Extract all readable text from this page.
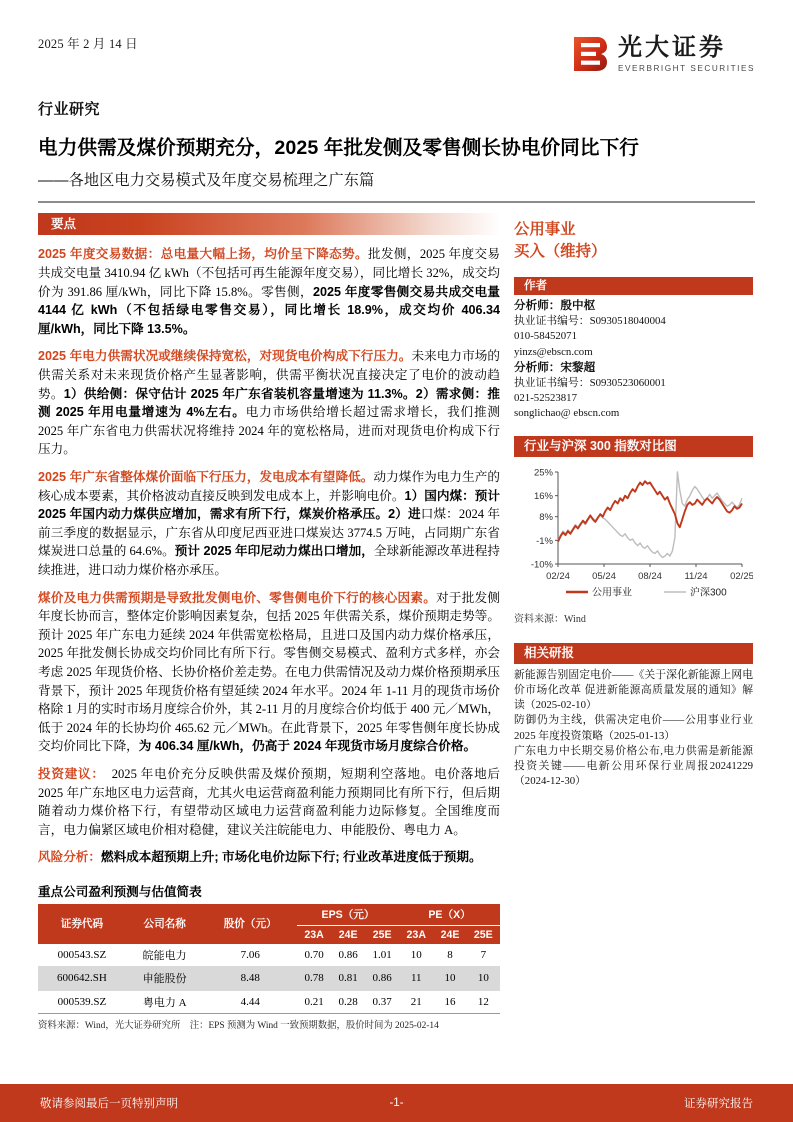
2025 年 2 月 14 日	光大证券
EVERBRIGHT SECURITIES
行业研究
电力供需及煤价预期充分，2025 年批发侧及零售侧长协电价同比下行
——各地区电力交易模式及年度交易梳理之广东篇
要点
2025 年度交易数据：总电量大幅上扬，均价呈下降态势。批发侧，2025 年度交易共成交电量 3410.94 亿 kWh（不包括可再生能源年度交易），同比增长 32%，成交均价为 391.86 厘/kWh，同比下降 15.8%。零售侧，2025 年度零售侧交易共成交电量 4144 亿 kWh（不包括绿电零售交易），同比增长 18.9%，成交均价 406.34 厘/kWh，同比下降 13.5%。
2025 年电力供需状况或继续保持宽松，对现货电价构成下行压力。未来电力市场的供需关系对未来现货价格产生显著影响，供需平衡状况直接决定了电价的波动趋势。1）供给侧：保守估计 2025 年广东省装机容量增速为 11.3%。2）需求侧：推测 2025 年用电量增速为 4%左右。电力市场供给增长超过需求增长，我们推测 2025 年广东省电力供需状况将维持 2024 年的宽松格局，进而对现货电价构成下行压力。
2025 年广东省整体煤价面临下行压力，发电成本有望降低。动力煤作为电力生产的核心成本要素，其价格波动直接反映到发电成本上，并影响电价。1）国内煤：预计 2025 年国内动力煤供应增加，需求有所下行，煤炭价格承压。2）进口煤：2024 年前三季度的数据显示，广东省从印度尼西亚进口煤炭达 3774.5 万吨，占同期广东省煤炭进口总量的 64.6%。预计 2025 年印尼动力煤出口增加，全球新能源改革进程持续推进，进口动力煤价格亦承压。
煤价及电力供需预期是导致批发侧电价、零售侧电价下行的核心因素。对于批发侧年度长协而言，整体定价影响因素复杂，包括 2025 年供需关系，煤价预期走势等。预计 2025 年广东电力延续 2024 年供需宽松格局，且进口及国内动力煤价格承压，2025 年批发侧长协成交均价同比有所下行。零售侧交易模式、盈利方式多样，亦会考虑 2025 年现货价格、长协价格价差走势。在电力供需情况及动力煤价格预期承压背景下，预计 2025 年现货价格有望延续 2024 年水平。2024 年 1-11 月的现货市场价格除 1 月的实时市场月度综合价外，其 2-11 月的月度综合价均低于 400 元／MWh，低于 2024 年的长协均价 465.62 元／MWh。在此背景下，2025 年零售侧年度长协成交均价同比下降，为 406.34 厘/kWh，仍高于 2024 年现货市场月度综合价格。
投资建议：　2025 年电价充分反映供需及煤价预期，短期利空落地。电价落地后 2025 年广东地区电力运营商，尤其火电运营商盈利能力预期同比有所下行，但后期随着动力煤价格下行，有望带动区域电力运营商盈利能力边际修复。全国维度而言，电力偏紧区域电价相对稳健，建议关注皖能电力、申能股份、粤电力 A。
风险分析：燃料成本超预期上升; 市场化电价边际下行; 行业改革进度低于预期。
重点公司盈利预测与估值简表
证券代码	公司名称	股价（元）	EPS（元）			PE（X）		
			23A	24E	25E	23A	24E	25E
000543.SZ	皖能电力	7.06	0.70	0.86	1.01	10	8	7
600642.SH	申能股份	8.48	0.78	0.81	0.86	11	10	10
000539.SZ	粤电力 A	4.44	0.21	0.28	0.37	21	16	12
资料来源：Wind，光大证券研究所　注：EPS 预测为 Wind 一致预期数据，股价时间为 2025-02-14
公用事业
买入（维持）
作者
分析师：殷中枢
执业证书编号：S0930518040004
010-58452071
yinzs@ebscn.com
分析师：宋黎超
执业证书编号：S0930523060001
021-52523817
songlichao@ ebscn.com
行业与沪深 300 指数对比图
25%
16%
8%
-1%
-10%
02/24 05/24 08/24 11/24 02/25
公用事业	沪深300
资料来源：Wind
相关研报
新能源告别固定电价——《关于深化新能源上网电价市场化改革 促进新能源高质量发展的通知》解读（2025-02-10）
防御仍为主线，供需决定电价——公用事业行业2025 年度投资策略（2025-01-13）
广东电力中长期交易价格公布,电力供需是新能源投资关键——电新公用环保行业周报20241229（2024-12-30）
敬请参阅最后一页特别声明	-1-	证券研究报告
